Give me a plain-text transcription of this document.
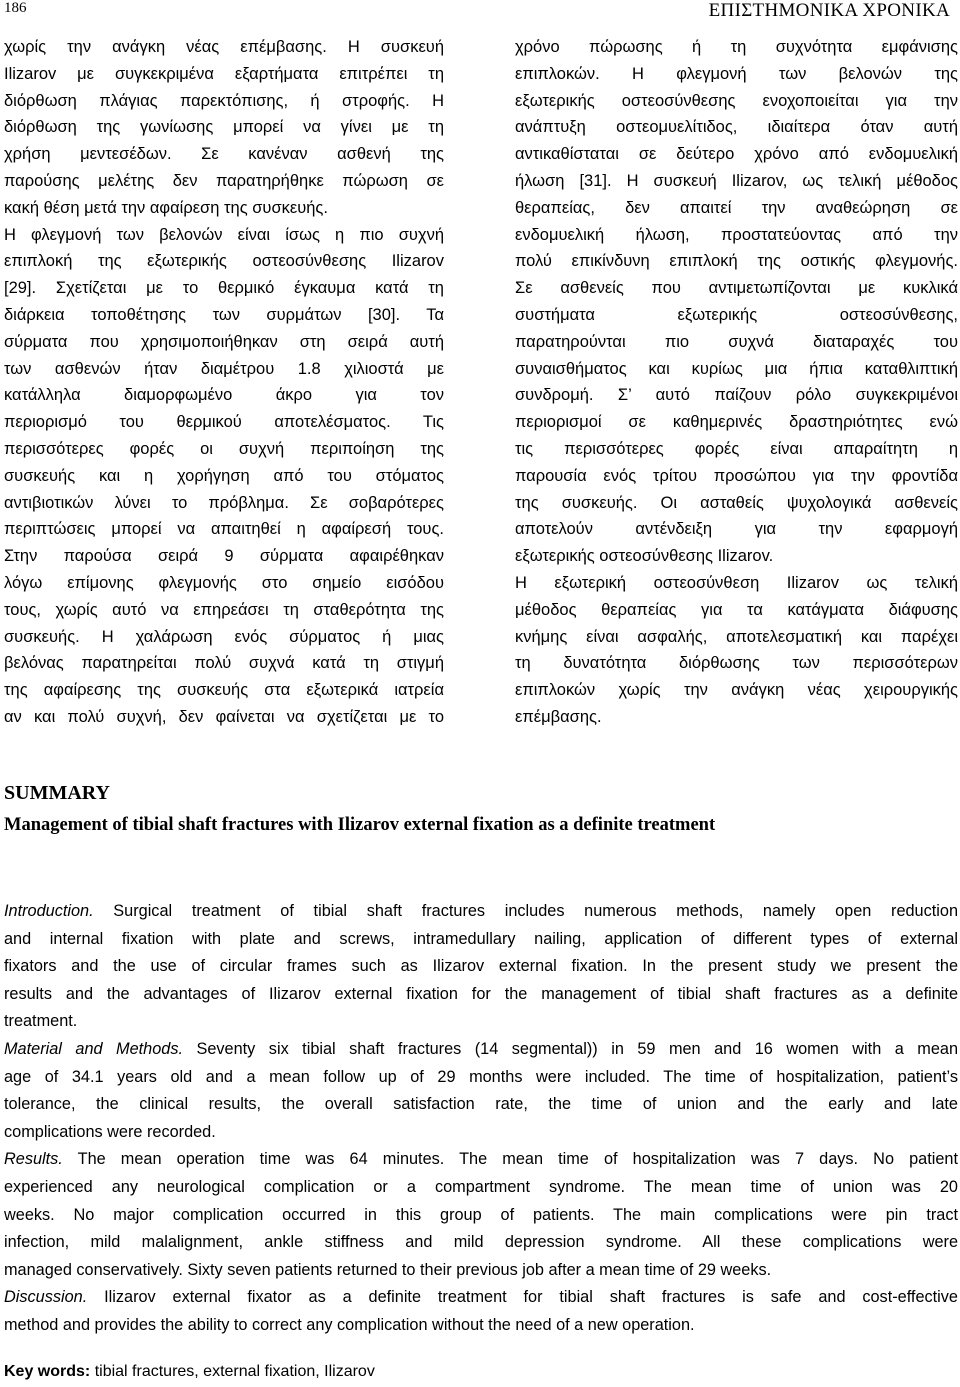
186	ΕΠΙΣΤΗΜΟΝΙΚΑ ΧΡΟΝΙΚΑ
χωρίς την ανάγκη νέας επέμβασης. Η συσκευή
Ilizarov με συγκεκριμένα εξαρτήματα επιτρέπει τη
διόρθωση πλάγιας παρεκτόπισης, ή στροφής. Η
διόρθωση της γωνίωσης μπορεί να γίνει με τη
χρήση μεντεσέδων. Σε κανέναν ασθενή της
παρούσης μελέτης δεν παρατηρήθηκε πώρωση σε
κακή θέση μετά την αφαίρεση της συσκευής.
Η φλεγμονή των βελονών είναι ίσως η πιο συχνή
επιπλοκή της εξωτερικής οστεοσύνθεσης Ilizarov
[29]. Σχετίζεται με το θερμικό έγκαυμα κατά τη
διάρκεια τοποθέτησης των συρμάτων [30]. Τα
σύρματα που χρησιμοποιήθηκαν στη σειρά αυτή
των ασθενών ήταν διαμέτρου 1.8 χιλιοστά με
κατάλληλα διαμορφωμένο άκρο για τον
περιορισμό του θερμικού αποτελέσματος. Τις
περισσότερες φορές οι συχνή περιποίηση της
συσκευής και η χορήγηση από του στόματος
αντιβιοτικών λύνει το πρόβλημα. Σε σοβαρότερες
περιπτώσεις μπορεί να απαιτηθεί η αφαίρεσή τους.
Στην παρούσα σειρά 9 σύρματα αφαιρέθηκαν
λόγω επίμονης φλεγμονής στο σημείο εισόδου
τους, χωρίς αυτό να επηρεάσει τη σταθερότητα της
συσκευής. Η χαλάρωση ενός σύρματος ή μιας
βελόνας παρατηρείται πολύ συχνά κατά τη στιγμή
της αφαίρεσης της συσκευής στα εξωτερικά ιατρεία
αν και πολύ συχνή, δεν φαίνεται να σχετίζεται με το
χρόνο πώρωσης ή τη συχνότητα εμφάνισης
επιπλοκών. Η φλεγμονή των βελονών της
εξωτερικής οστεοσύνθεσης ενοχοποιείται για την
ανάπτυξη οστεομυελίτιδος, ιδιαίτερα όταν αυτή
αντικαθίσταται σε δεύτερο χρόνο από ενδομυελική
ήλωση [31]. Η συσκευή Ilizarov, ως τελική μέθοδος
θεραπείας, δεν απαιτεί την αναθεώρηση σε
ενδομυελική ήλωση, προστατεύοντας από την
πολύ επικίνδυνη επιπλοκή της οστικής φλεγμονής.
Σε ασθενείς που αντιμετωπίζονται με κυκλικά
συστήματα εξωτερικής οστεοσύνθεσης,
παρατηρούνται πιο συχνά διαταραχές του
συναισθήματος και κυρίως μια ήπια καταθλιπτική
συνδρομή. Σ’ αυτό παίζουν ρόλο συγκεκριμένοι
περιορισμοί σε καθημερινές δραστηριότητες ενώ
τις περισσότερες φορές είναι απαραίτητη η
παρουσία ενός τρίτου προσώπου για την φροντίδα
της συσκευής. Οι ασταθείς ψυχολογικά ασθενείς
αποτελούν αντένδειξη για την εφαρμογή
εξωτερικής οστεοσύνθεσης Ilizarov.
Η εξωτερική οστεοσύνθεση Ilizarov ως τελική
μέθοδος θεραπείας για τα κατάγματα διάφυσης
κνήμης είναι ασφαλής, αποτελεσματική και παρέχει
τη δυνατότητα διόρθωσης των περισσότερων
επιπλοκών χωρίς την ανάγκη νέας χειρουργικής
επέμβασης.
SUMMARY
Management of tibial shaft fractures with Ilizarov external fixation as a definite treatment
Introduction. Surgical treatment of tibial shaft fractures includes numerous methods, namely open reduction
and internal fixation with plate and screws, intramedullary nailing, application of different types of external
fixators and the use of circular frames such as Ilizarov external fixation. In the present study we present the
results and the advantages of Ilizarov external fixation for the management of tibial shaft fractures as a definite
treatment.
Material and Methods. Seventy six tibial shaft fractures (14 segmental)) in 59 men and 16 women with a mean
age of 34.1 years old and a mean follow up of 29 months were included. The time of hospitalization, patient’s
tolerance, the clinical results, the overall satisfaction rate, the time of union and the early and late
complications were recorded.
Results. The mean operation time was 64 minutes. The mean time of hospitalization was 7 days. No patient
experienced any neurological complication or a compartment syndrome. The mean time of union was 20
weeks. No major complication occurred in this group of patients. The main complications were pin tract
infection, mild malalignment, ankle stiffness and mild depression syndrome. All these complications were
managed conservatively. Sixty seven patients returned to their previous job after a mean time of 29 weeks.
Discussion. Ilizarov external fixator as a definite treatment for tibial shaft fractures is safe and cost-effective
method and provides the ability to correct any complication without the need of a new operation.
Key words: tibial fractures, external fixation, Ilizarov
